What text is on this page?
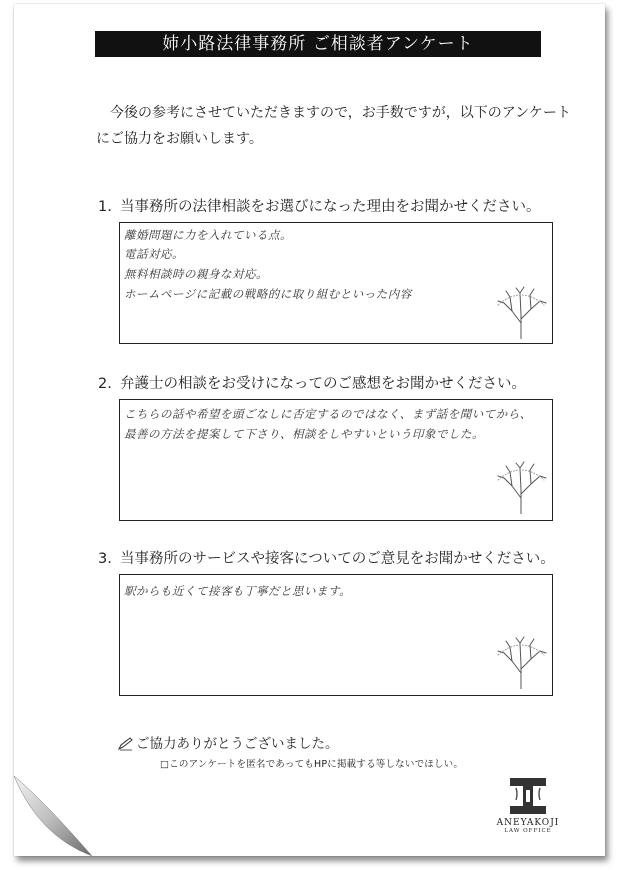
姉小路法律事務所 ご相談者アンケート
今後の参考にさせていただきますので，お手数ですが，以下のアンケートにご協力をお願いします。
1. 当事務所の法律相談をお選びになった理由をお聞かせください。
離婚問題に力を入れている点。
電話対応。
無料相談時の親身な対応。
ホームページに記載の戦略的に取り組むといった内容
2. 弁護士の相談をお受けになってのご感想をお聞かせください。
こちらの話や希望を頭ごなしに否定するのではなく、まず話を聞いてから、
最善の方法を提案して下さり、相談をしやすいという印象でした。
3. 当事務所のサービスや接客についてのご意見をお聞かせください。
駅からも近くて接客も丁寧だと思います。
ご協力ありがとうございました。
□このアンケートを匿名であってもHPに掲載する等しないでほしい。
ANEYAKOJI
LAW OFFICE
